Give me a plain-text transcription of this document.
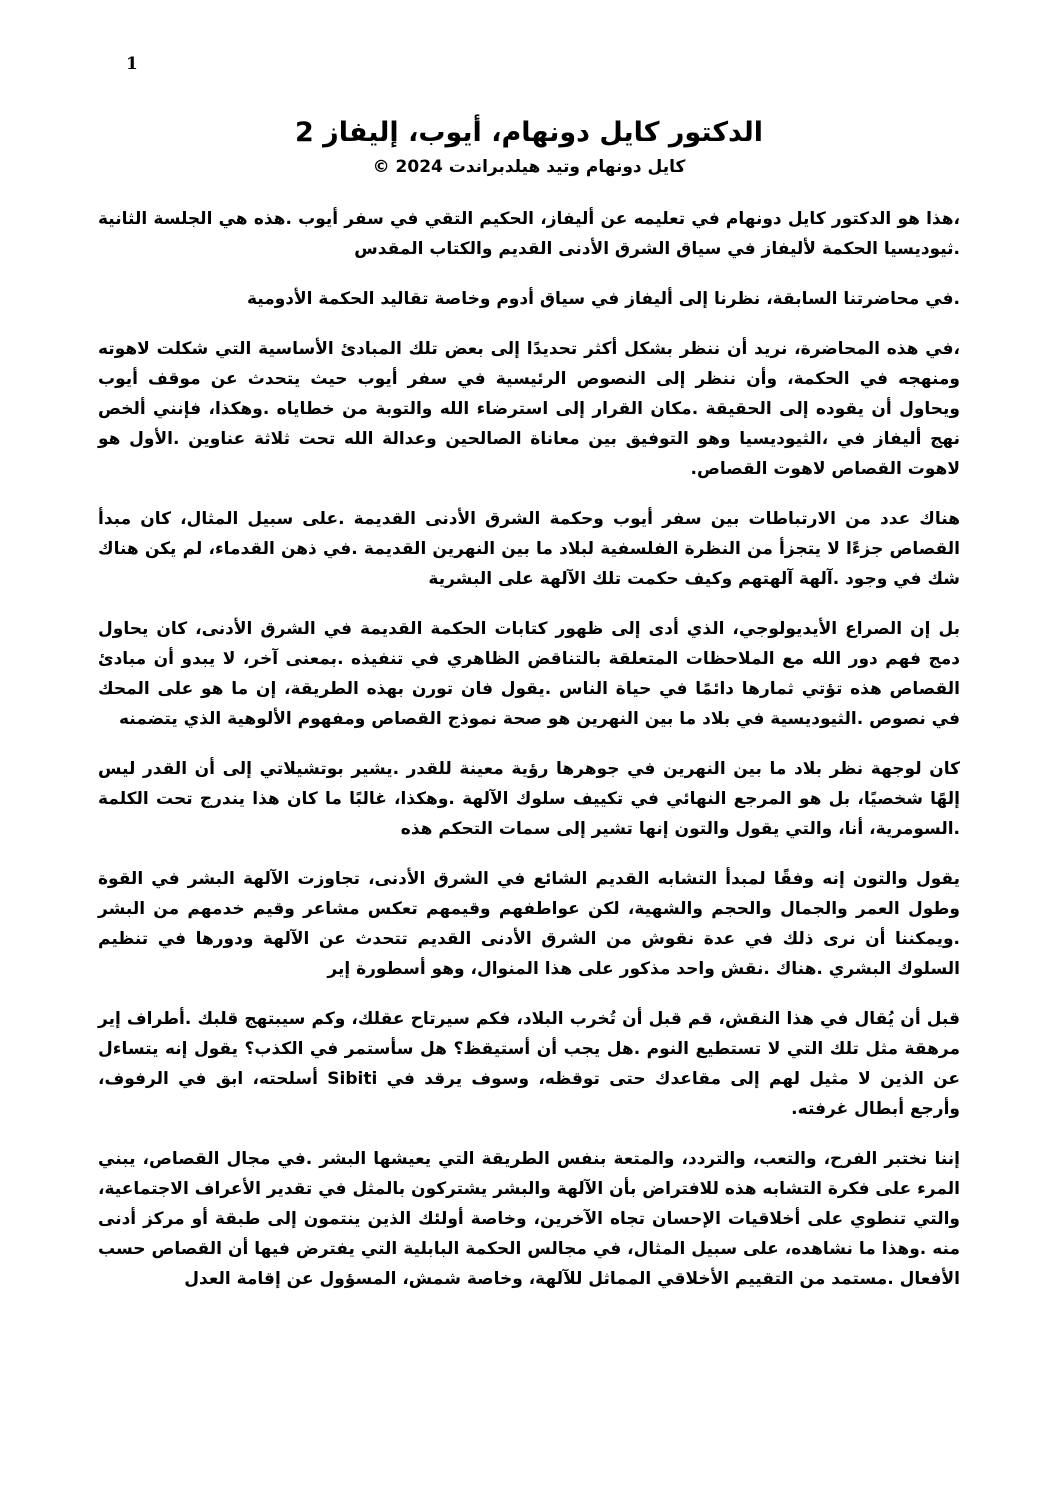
1
الدكتور كايل دونهام، أيوب، إليفاز 2
كايل دونهام وتيد هيلدبراندت 2024 ©

،هذا هو الدكتور كايل دونهام في تعليمه عن أليفاز، الحكيم التقي في سفر أيوب .هذه هي الجلسة الثانية .ثيوديسيا الحكمة لأليفاز في سياق الشرق الأدنى القديم والكتاب المقدس

.في محاضرتنا السابقة، نظرنا إلى أليفاز في سياق أدوم وخاصة تقاليد الحكمة الأدومية

،في هذه المحاضرة، نريد أن ننظر بشكل أكثر تحديدًا إلى بعض تلك المبادئ الأساسية التي شكلت لاهوته ومنهجه في الحكمة، وأن ننظر إلى النصوص الرئيسية في سفر أيوب حيث يتحدث عن موقف أيوب ويحاول أن يقوده إلى الحقيقة .مكان القرار إلى استرضاء الله والتوبة من خطاياه .وهكذا، فإنني ألخص نهج أليفاز في ،الثيوديسيا وهو التوفيق بين معاناة الصالحين وعدالة الله تحت ثلاثة عناوين .الأول هو لاهوت القصاص لاهوت القصاص.

هناك عدد من الارتباطات بين سفر أيوب وحكمة الشرق الأدنى القديمة .على سبيل المثال، كان مبدأ القصاص جزءًا لا يتجزأ من النظرة الفلسفية لبلاد ما بين النهرين القديمة .في ذهن القدماء، لم يكن هناك شك في وجود .آلهة آلهتهم وكيف حكمت تلك الآلهة على البشرية

بل إن الصراع الأيديولوجي، الذي أدى إلى ظهور كتابات الحكمة القديمة في الشرق الأدنى، كان يحاول دمج فهم دور الله مع الملاحظات المتعلقة بالتناقض الظاهري في تنفيذه .بمعنى آخر، لا يبدو أن مبادئ القصاص هذه تؤتي ثمارها دائمًا في حياة الناس .يقول فان تورن بهذه الطريقة، إن ما هو على المحك في نصوص .الثيوديسية في بلاد ما بين النهرين هو صحة نموذج القصاص ومفهوم الألوهية الذي يتضمنه

كان لوجهة نظر بلاد ما بين النهرين في جوهرها رؤية معينة للقدر .يشير بوتشيلاتي إلى أن القدر ليس إلهًا شخصيًا، بل هو المرجع النهائي في تكييف سلوك الآلهة .وهكذا، غالبًا ما كان هذا يندرج تحت الكلمة .السومرية، أنا، والتي يقول والتون إنها تشير إلى سمات التحكم هذه

يقول والتون إنه وفقًا لمبدأ التشابه القديم الشائع في الشرق الأدنى، تجاوزت الآلهة البشر في القوة وطول العمر والجمال والحجم والشهية، لكن عواطفهم وقيمهم تعكس مشاعر وقيم خدمهم من البشر .ويمكننا أن نرى ذلك في عدة نقوش من الشرق الأدنى القديم تتحدث عن الآلهة ودورها في تنظيم السلوك البشري .هناك .نقش واحد مذكور على هذا المنوال، وهو أسطورة إير

قبل أن يُقال في هذا النقش، قم قبل أن تُخرب البلاد، فكم سيرتاح عقلك، وكم سيبتهج قلبك .أطراف إير مرهقة مثل تلك التي لا تستطيع النوم .هل يجب أن أستيقظ؟ هل سأستمر في الكذب؟ يقول إنه يتساءل عن الذين لا مثيل لهم إلى مقاعدك حتى توقظه، وسوف يرقد في Sibiti أسلحته، ابق في الرفوف، وأرجع أبطال غرفته.

إننا نختبر الفرح، والتعب، والتردد، والمتعة بنفس الطريقة التي يعيشها البشر .في مجال القصاص، يبني المرء على فكرة التشابه هذه للافتراض بأن الآلهة والبشر يشتركون بالمثل في تقدير الأعراف الاجتماعية، والتي تنطوي على أخلاقيات الإحسان تجاه الآخرين، وخاصة أولئك الذين ينتمون إلى طبقة أو مركز أدنى منه .وهذا ما نشاهده، على سبيل المثال، في مجالس الحكمة البابلية التي يفترض فيها أن القصاص حسب الأفعال .مستمد من التقييم الأخلاقي المماثل للآلهة، وخاصة شمش، المسؤول عن إقامة العدل
